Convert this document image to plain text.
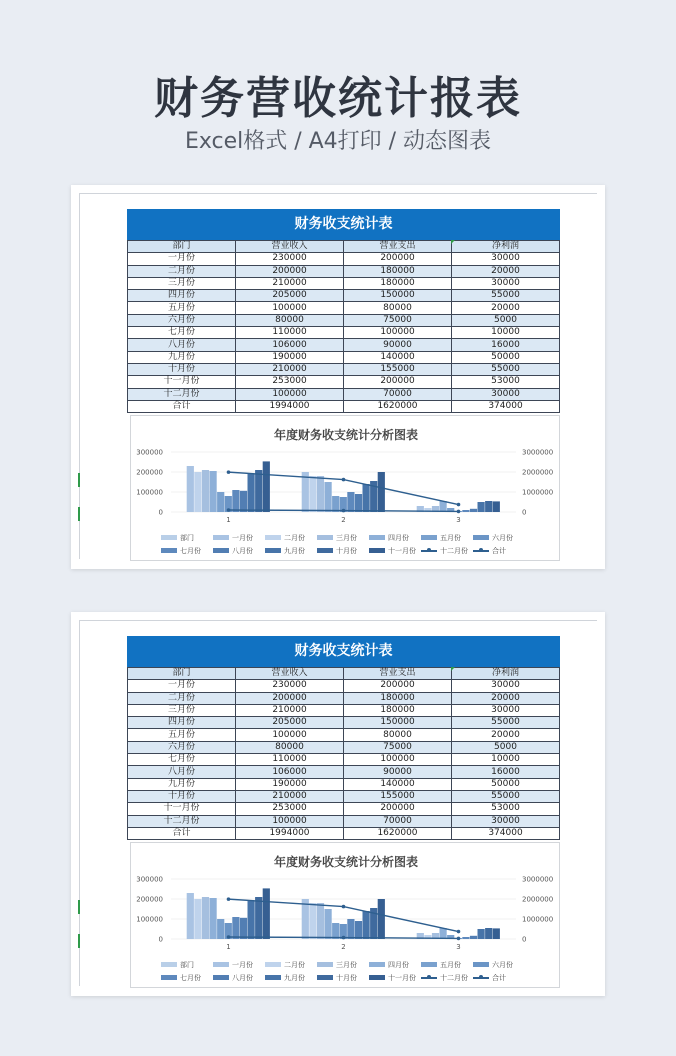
财务营收统计报表
Excel格式 / A4打印 / 动态图表
财务收支统计表
部门	营业收入	营业支出	净利润
一月份	230000	200000	30000
二月份	200000	180000	20000
三月份	210000	180000	30000
四月份	205000	150000	55000
五月份	100000	80000	20000
六月份	80000	75000	5000
七月份	110000	100000	10000
八月份	106000	90000	16000
九月份	190000	140000	50000
十月份	210000	155000	55000
十一月份	253000	200000	53000
十二月份	100000	70000	30000
合计	1994000	1620000	374000
年度财务收支统计分析图表
300000	3000000
200000	2000000
100000	1000000
0	0
1	2	3
部门	一月份	二月份	三月份	四月份	五月份	六月份
七月份	八月份	九月份	十月份	十一月份	十二月份	合计
财务收支统计表
部门	营业收入	营业支出	净利润
一月份	230000	200000	30000
二月份	200000	180000	20000
三月份	210000	180000	30000
四月份	205000	150000	55000
五月份	100000	80000	20000
六月份	80000	75000	5000
七月份	110000	100000	10000
八月份	106000	90000	16000
九月份	190000	140000	50000
十月份	210000	155000	55000
十一月份	253000	200000	53000
十二月份	100000	70000	30000
合计	1994000	1620000	374000
年度财务收支统计分析图表
300000	3000000
200000	2000000
100000	1000000
0	0
1	2	3
部门	一月份	二月份	三月份	四月份	五月份	六月份
七月份	八月份	九月份	十月份	十一月份	十二月份	合计
